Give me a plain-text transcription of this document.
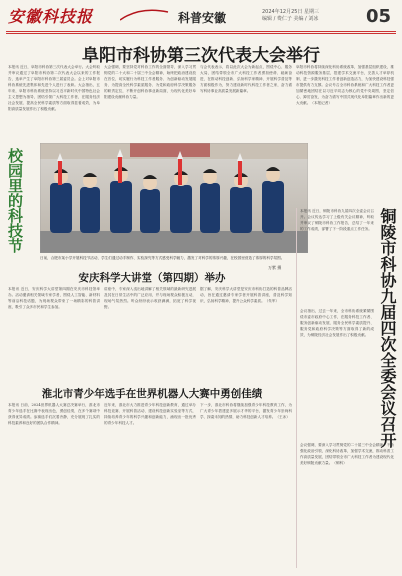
安徽科技报	科普安徽	2024年12月25日 星期三
编辑 / 费仁子 美编 / 刘冰	05
阜阳市科协第三次代表大会举行
本报讯 近日，阜阳市科协第三次代表大会举行。大会听取并审议通过了阜阳市科协第二次代表大会以来的工作报告，选举产生了阜阳市科协第三届委员会。会上对阜阳市科协系统先进集体和先进个人进行了表彰。大会指出，五年来，阜阳市科协系统坚持以习近平新时代中国特色社会主义思想为指导，团结引领广大科技工作者，在服务经济社会发展、提高全民科学素质等方面取得显著成效，为阜阳高质量发展作出了积极贡献。
大会强调，要坚持党对科协工作的全面领导，深入学习贯彻党的二十大和二十届三中全会精神，始终把政治建设放在首位，切实履行为科技工作者服务、为创新驱动发展服务、为提高全民科学素质服务、为党和政府科学决策服务的职责定位，不断开创科协事业新局面，为现代化美好阜阳建设贡献科协力量。
与会代表表示，将以此次大会为新起点，围绕中心、服务大局，团结带领全市广大科技工作者勇担使命、砥砺奋进，在推动科技创新、弘扬科学家精神、开展科学普及等方面积极作为，努力建设新时代科技工作者之家，奋力谱写科协事业高质量发展新篇章。
阜阳市科协将持续深化科协系统改革，加强基层组织建设，推动科技资源服务基层，搭建学术交流平台，完善人才举荐机制，进一步激发科技工作者创新创造活力，为加快建设科技强市提供有力支撑。会议号召全市科协系统和广大科技工作者更加紧密地团结在以习近平同志为核心的党中央周围，坚定信心、踔厉奋发，为奋力谱写中国式现代化阜阳篇章作出新的更大贡献。（本报记者）
校园里的科技节
日前，合肥市某小学开展科技节活动，学生们通过动手制作、实验探究等方式感受科学魅力，激发了对科学的浓厚兴趣，在校园里营造了浓厚的科学氛围。
万紫 摄
安庆科学大讲堂（第四期）举办
本报讯 近日，安庆科学大讲堂第四期在安庆市科技馆举办。活动邀请相关领域专家学者，围绕人工智能、新材料等前沿科技话题，为现场观众带来了一场精彩的科普讲座，吸引了众多市民和学生参加。
讲座中，专家深入浅出地讲解了相关领域的最新研究进展及其在日常生活中的广泛应用，并与现场观众积极互动，现场气氛热烈。听众纷纷表示收获满满，拓宽了科学视野。
据了解，安庆科学大讲堂是安庆市科协打造的科普品牌活动，旨在通过邀请专家学者开展科普讲座，普及科学知识，弘扬科学精神，提升公众科学素质。（朱军）
淮北市青少年选手在世界机器人大赛中勇创佳绩
本报讯 日前，2024世界机器人大赛总决赛举行，淮北市青少年选手在比赛中表现出色，勇创佳绩，在多个赛项中获得优异成绩。参赛选手们沉着冷静，充分展现了扎实的科技素养和良好的团队合作精神。
近年来，淮北市大力推进青少年科技创新教育，通过举办科技竞赛、开展科普活动、建设科技创新实验室等方式，持续培养青少年的科学兴趣和创新能力，涌现出一批优秀的青少年科技人才。
下一步，淮北市科协将继续加强青少年科技教育工作，为广大青少年搭建更多展示才华的平台，激发青少年崇尚科学、探索未知的热情，助力科技创新人才培养。（王冰）	铜陵市科协九届四次全委会议召开
本报讯 近日，铜陵市科协九届四次全委会议召开。会议传达学习了上级有关会议精神，听取并审议了铜陵市科协工作报告，总结了一年来的工作成绩，部署了下一阶段重点工作任务。
会议指出，过去一年来，全市科协系统紧紧围绕市委市政府中心工作，在服务科技工作者、服务创新驱动发展、服务全民科学素质提升、服务党和政府科学决策等方面取得了新的成效，为铜陵经济社会发展作出了积极贡献。
会议强调，要深入学习贯彻党的二十届三中全会精神，不断强化政治引领，深化科协改革，加强学术交流，推动科普工作高质量发展，团结带领全市广大科技工作者为建设现代化美好铜陵贡献力量。（铜科）
